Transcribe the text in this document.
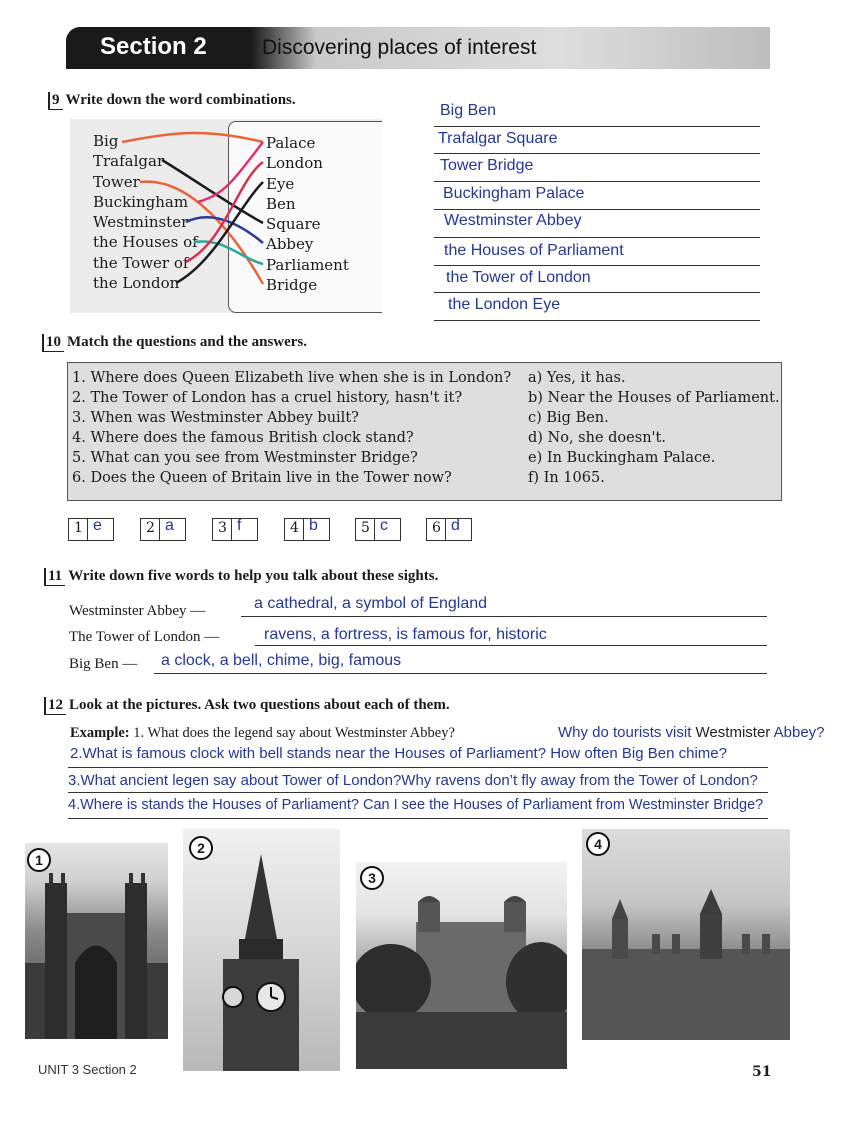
Section 2	Discovering places of interest
9 Write down the word combinations.
Big
Trafalgar
Tower
Buckingham
Westminster
the Houses of
the Tower of
the London
Palace
London
Eye
Ben
Square
Abbey
Parliament
Bridge
Big Ben
Trafalgar Square
Tower Bridge
Buckingham Palace
Westminster Abbey
the Houses of Parliament
the Tower of London
the London Eye
10 Match the questions and the answers.
1. Where does Queen Elizabeth live when she is in London?
2. The Tower of London has a cruel history, hasn't it?
3. When was Westminster Abbey built?
4. Where does the famous British clock stand?
5. What can you see from Westminster Bridge?
6. Does the Queen of Britain live in the Tower now?
a) Yes, it has.
b) Near the Houses of Parliament.
c) Big Ben.
d) No, she doesn't.
e) In Buckingham Palace.
f) In 1065.
1 e	2 a	3 f	4 b	5 c	6 d
11 Write down five words to help you talk about these sights.
Westminster Abbey —	a cathedral, a symbol of England
The Tower of London —	ravens, a fortress, is famous for, historic
Big Ben — a clock, a bell, chime, big, famous
12 Look at the pictures. Ask two questions about each of them.
Example: 1. What does the legend say about Westminster Abbey?	Why do tourists visit Westmister Abbey?
2.What is famous clock with bell stands near the Houses of Parliament? How often Big Ben chime?
3.What ancient legen say about Tower of London?Why ravens don’t fly away from the Tower of London?
4.Where is stands the Houses of Parliament? Can I see the Houses of Parliament from Westminster Bridge?
1
2
3
4
UNIT 3 Section 2	51
